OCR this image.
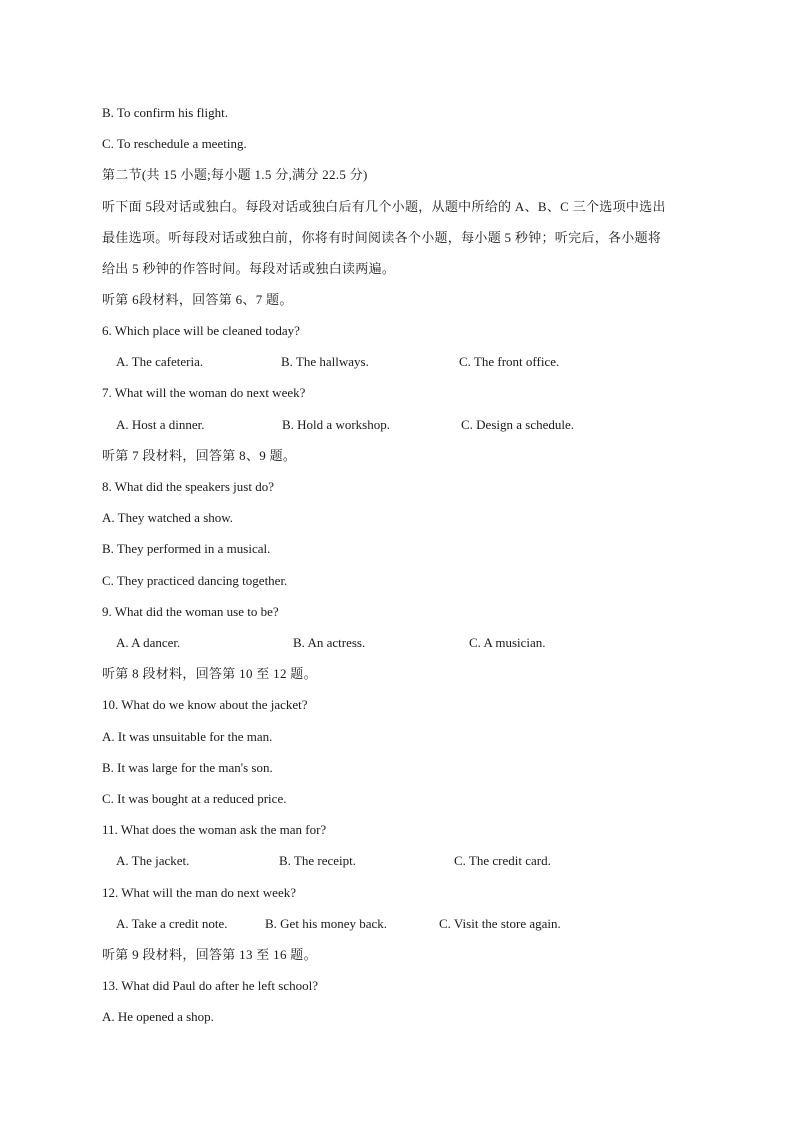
B. To confirm his flight.
C. To reschedule a meeting.
第二节(共 15 小题;每小题 1.5 分,满分 22.5 分)
听下面 5段对话或独白。每段对话或独白后有几个小题，从题中所给的 A、B、C 三个选项中选出
最佳选项。听每段对话或独白前，你将有时间阅读各个小题，每小题 5 秒钟；听完后，各小题将
给出 5 秒钟的作答时间。每段对话或独白读两遍。
听第 6段材料，回答第 6、7 题。
6. Which place will be cleaned today?
A. The cafeteria.	B. The hallways.	C. The front office.
7. What will the woman do next week?
A. Host a dinner.	B. Hold a workshop.	C. Design a schedule.
听第 7 段材料，回答第 8、9 题。
8. What did the speakers just do?
A. They watched a show.
B. They performed in a musical.
C. They practiced dancing together.
9. What did the woman use to be?
A. A dancer.	B. An actress.	C. A musician.
听第 8 段材料，回答第 10 至 12 题。
10. What do we know about the jacket?
A. It was unsuitable for the man.
B. It was large for the man's son.
C. It was bought at a reduced price.
11. What does the woman ask the man for?
A. The jacket.	B. The receipt.	C. The credit card.
12. What will the man do next week?
A. Take a credit note.	B. Get his money back.	C. Visit the store again.
听第 9 段材料，回答第 13 至 16 题。
13. What did Paul do after he left school?
A. He opened a shop.
